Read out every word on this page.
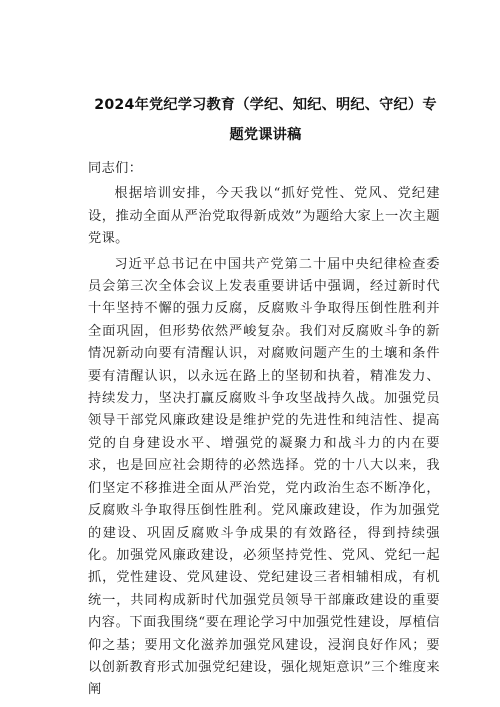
2024年党纪学习教育（学纪、知纪、明纪、守纪）专题党课讲稿

同志们：

根据培训安排，今天我以“抓好党性、党风、党纪建设，推动全面从严治党取得新成效”为题给大家上一次主题党课。

习近平总书记在中国共产党第二十届中央纪律检查委员会第三次全体会议上发表重要讲话中强调，经过新时代十年坚持不懈的强力反腐，反腐败斗争取得压倒性胜利并全面巩固，但形势依然严峻复杂。我们对反腐败斗争的新情况新动向要有清醒认识，对腐败问题产生的土壤和条件要有清醒认识，以永远在路上的坚韧和执着，精准发力、持续发力，坚决打赢反腐败斗争攻坚战持久战。加强党员领导干部党风廉政建设是维护党的先进性和纯洁性、提高党的自身建设水平、增强党的凝聚力和战斗力的内在要求，也是回应社会期待的必然选择。党的十八大以来，我们坚定不移推进全面从严治党，党内政治生态不断净化，反腐败斗争取得压倒性胜利。党风廉政建设，作为加强党的建设、巩固反腐败斗争成果的有效路径，得到持续强化。加强党风廉政建设，必须坚持党性、党风、党纪一起抓，党性建设、党风建设、党纪建设三者相辅相成，有机统一，共同构成新时代加强党员领导干部廉政建设的重要内容。下面我围绕“要在理论学习中加强党性建设，厚植信仰之基；要用文化滋养加强党风建设，浸润良好作风；要以创新教育形式加强党纪建设，强化规矩意识”三个维度来阐
